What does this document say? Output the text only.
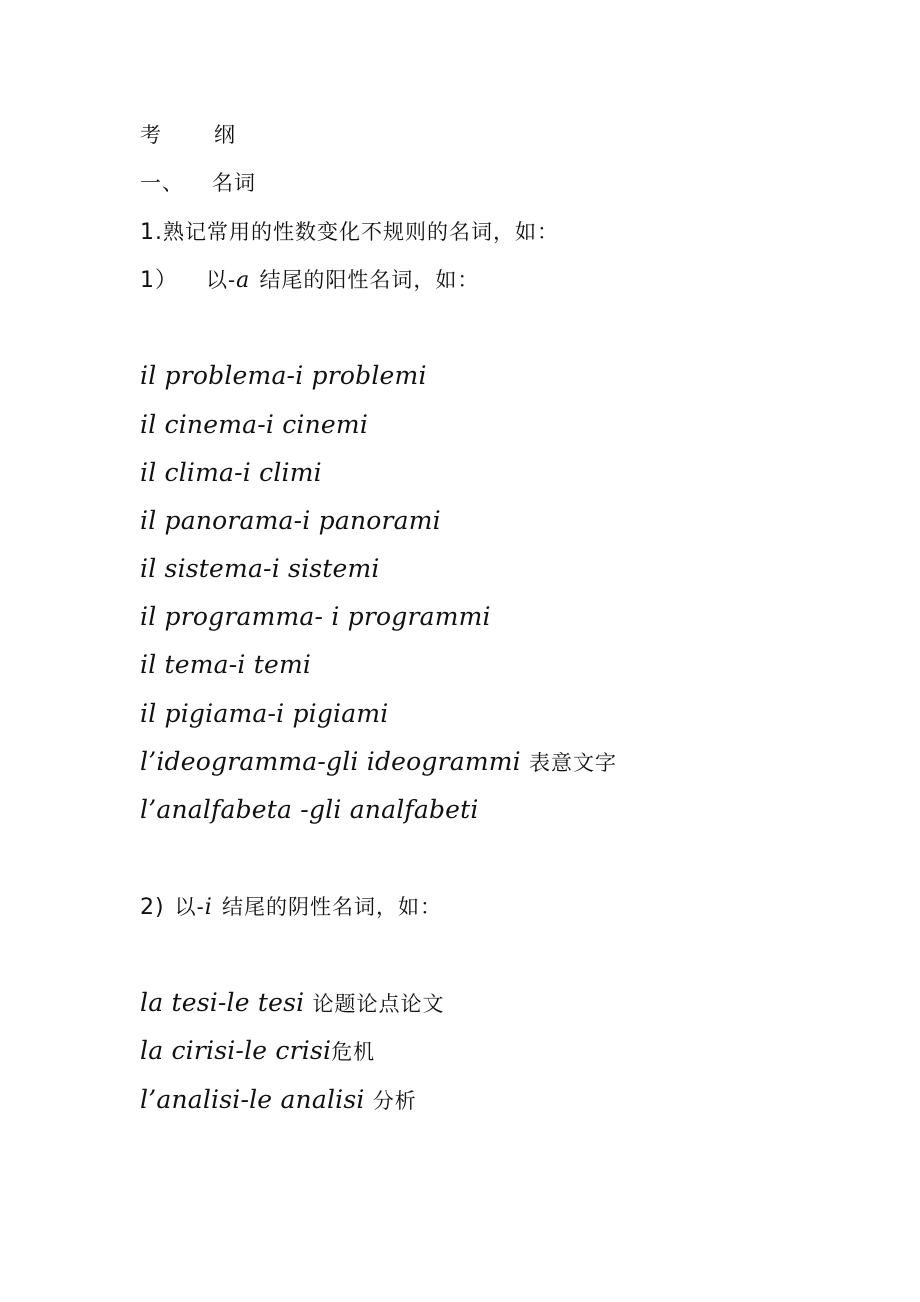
考 纲
一、 名词
1.熟记常用的性数变化不规则的名词，如：
1） 以-a 结尾的阳性名词，如：
il problema-i problemi
il cinema-i cinemi
il clima-i climi
il panorama-i panorami
il sistema-i sistemi
il programma- i programmi
il tema-i temi
il pigiama-i pigiami
l’ideogramma-gli ideogrammi 表意文字
l’analfabeta -gli analfabeti
2) 以-i 结尾的阴性名词，如：
la tesi-le tesi 论题论点论文
la cirisi-le crisi危机
l’analisi-le analisi 分析
